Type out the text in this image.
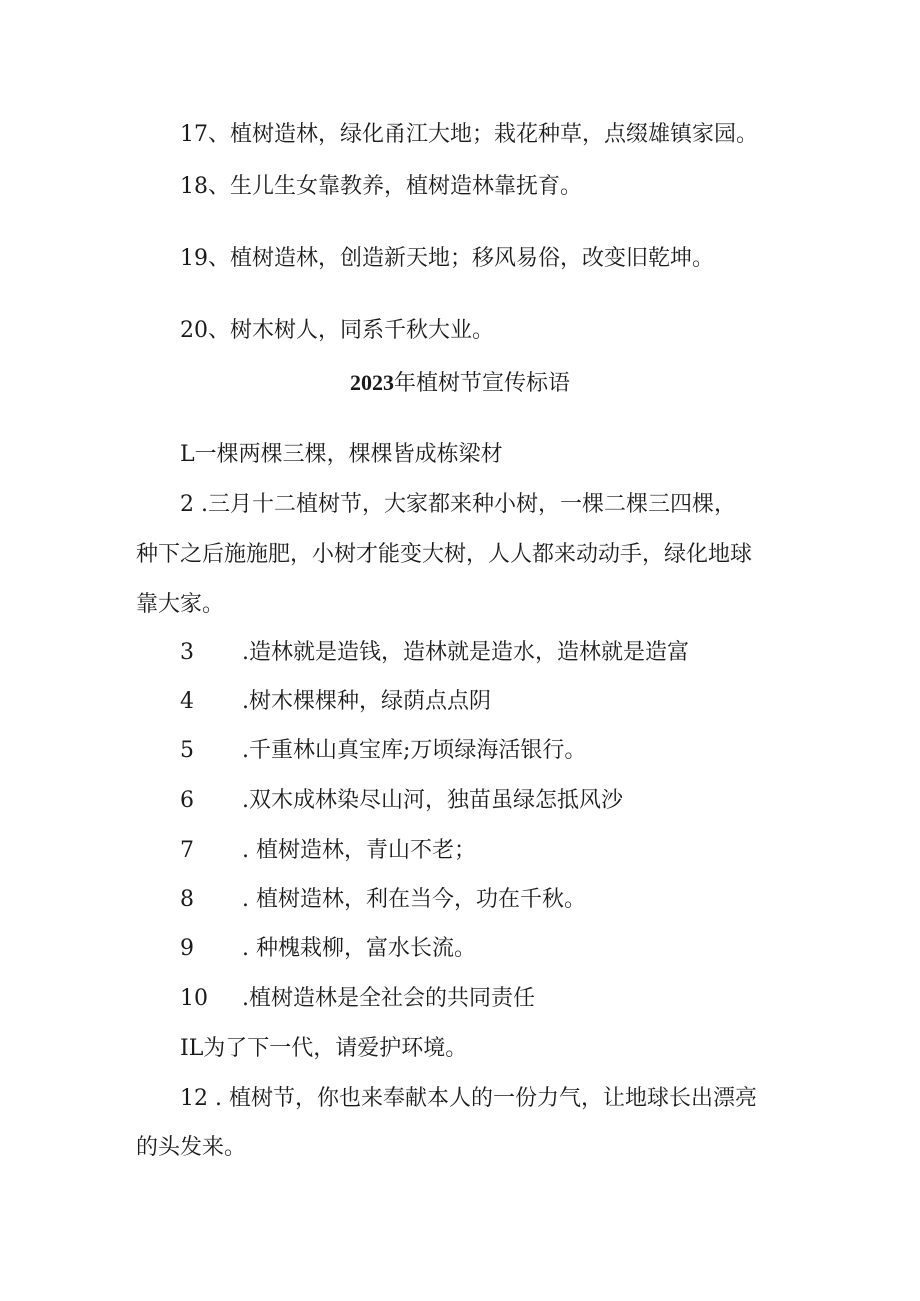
17、植树造林，绿化甬江大地；栽花种草，点缀雄镇家园。
18、生儿生女靠教养，植树造林靠抚育。
19、植树造林，创造新天地；移风易俗，改变旧乾坤。
20、树木树人，同系千秋大业。
2023年植树节宣传标语
L一棵两棵三棵，棵棵皆成栋梁材
2 .三月十二植树节，大家都来种小树，一棵二棵三四棵，
种下之后施施肥，小树才能变大树，人人都来动动手，绿化地球
靠大家。
3 .造林就是造钱，造林就是造水，造林就是造富
4 .树木棵棵种，绿荫点点阴
5 .千重林山真宝库;万顷绿海活银行。
6 .双木成林染尽山河，独苗虽绿怎抵风沙
7 . 植树造林，青山不老；
8 . 植树造林，利在当今，功在千秋。
9 . 种槐栽柳，富水长流。
10 .植树造林是全社会的共同责任
IL为了下一代，请爱护环境。
12 . 植树节，你也来奉献本人的一份力气，让地球长出漂亮
的头发来。
